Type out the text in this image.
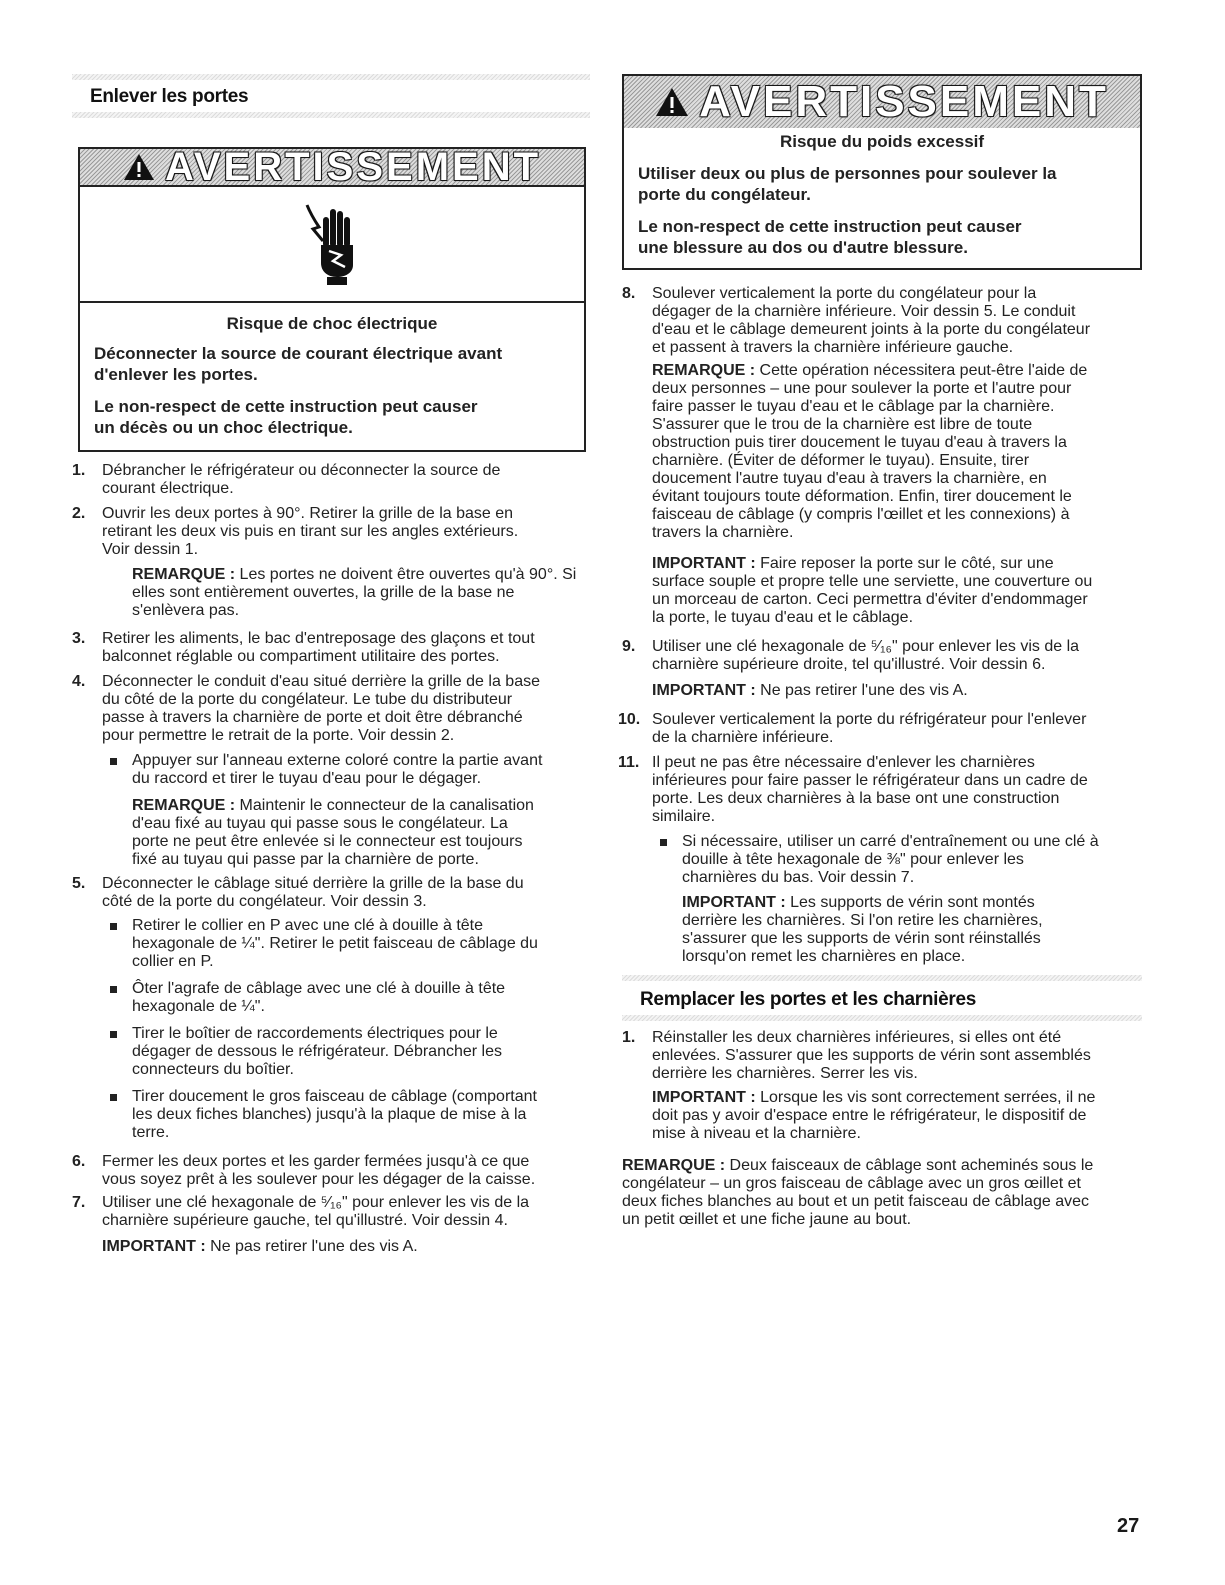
Enlever les portes
AVERTISSEMENT
Risque de choc électrique
Déconnecter la source de courant électrique avant
d'enlever les portes.
Le non-respect de cette instruction peut causer
un décès ou un choc électrique.
1. Débrancher le réfrigérateur ou déconnecter la source de
courant électrique.
2. Ouvrir les deux portes à 90°. Retirer la grille de la base en
retirant les deux vis puis en tirant sur les angles extérieurs.
Voir dessin 1.
REMARQUE : Les portes ne doivent être ouvertes qu'à 90°. Si
elles sont entièrement ouvertes, la grille de la base ne
s'enlèvera pas.
3. Retirer les aliments, le bac d'entreposage des glaçons et tout
balconnet réglable ou compartiment utilitaire des portes.
4. Déconnecter le conduit d'eau situé derrière la grille de la base
du côté de la porte du congélateur. Le tube du distributeur
passe à travers la charnière de porte et doit être débranché
pour permettre le retrait de la porte. Voir dessin 2.
Appuyer sur l'anneau externe coloré contre la partie avant
du raccord et tirer le tuyau d'eau pour le dégager.
REMARQUE : Maintenir le connecteur de la canalisation
d'eau fixé au tuyau qui passe sous le congélateur. La
porte ne peut être enlevée si le connecteur est toujours
fixé au tuyau qui passe par la charnière de porte.
5. Déconnecter le câblage situé derrière la grille de la base du
côté de la porte du congélateur. Voir dessin 3.
Retirer le collier en P avec une clé à douille à tête
hexagonale de ¼". Retirer le petit faisceau de câblage du
collier en P.
Ôter l'agrafe de câblage avec une clé à douille à tête
hexagonale de ¼".
Tirer le boîtier de raccordements électriques pour le
dégager de dessous le réfrigérateur. Débrancher les
connecteurs du boîtier.
Tirer doucement le gros faisceau de câblage (comportant
les deux fiches blanches) jusqu'à la plaque de mise à la
terre.
6. Fermer les deux portes et les garder fermées jusqu'à ce que
vous soyez prêt à les soulever pour les dégager de la caisse.
7. Utiliser une clé hexagonale de ⁵⁄₁₆" pour enlever les vis de la
charnière supérieure gauche, tel qu'illustré. Voir dessin 4.
IMPORTANT : Ne pas retirer l'une des vis A.
AVERTISSEMENT
Risque du poids excessif
Utiliser deux ou plus de personnes pour soulever la
porte du congélateur.
Le non-respect de cette instruction peut causer
une blessure au dos ou d'autre blessure.
8. Soulever verticalement la porte du congélateur pour la
dégager de la charnière inférieure. Voir dessin 5. Le conduit
d'eau et le câblage demeurent joints à la porte du congélateur
et passent à travers la charnière inférieure gauche.
REMARQUE : Cette opération nécessitera peut-être l'aide de
deux personnes – une pour soulever la porte et l'autre pour
faire passer le tuyau d'eau et le câblage par la charnière.
S'assurer que le trou de la charnière est libre de toute
obstruction puis tirer doucement le tuyau d'eau à travers la
charnière. (Éviter de déformer le tuyau). Ensuite, tirer
doucement l'autre tuyau d'eau à travers la charnière, en
évitant toujours toute déformation. Enfin, tirer doucement le
faisceau de câblage (y compris l'œillet et les connexions) à
travers la charnière.
IMPORTANT : Faire reposer la porte sur le côté, sur une
surface souple et propre telle une serviette, une couverture ou
un morceau de carton. Ceci permettra d'éviter d'endommager
la porte, le tuyau d'eau et le câblage.
9. Utiliser une clé hexagonale de ⁵⁄₁₆" pour enlever les vis de la
charnière supérieure droite, tel qu'illustré. Voir dessin 6.
IMPORTANT : Ne pas retirer l'une des vis A.
10. Soulever verticalement la porte du réfrigérateur pour l'enlever
de la charnière inférieure.
11. Il peut ne pas être nécessaire d'enlever les charnières
inférieures pour faire passer le réfrigérateur dans un cadre de
porte. Les deux charnières à la base ont une construction
similaire.
Si nécessaire, utiliser un carré d'entraînement ou une clé à
douille à tête hexagonale de ⅜" pour enlever les
charnières du bas. Voir dessin 7.
IMPORTANT : Les supports de vérin sont montés
derrière les charnières. Si l'on retire les charnières,
s'assurer que les supports de vérin sont réinstallés
lorsqu'on remet les charnières en place.
Remplacer les portes et les charnières
1. Réinstaller les deux charnières inférieures, si elles ont été
enlevées. S'assurer que les supports de vérin sont assemblés
derrière les charnières. Serrer les vis.
IMPORTANT : Lorsque les vis sont correctement serrées, il ne
doit pas y avoir d'espace entre le réfrigérateur, le dispositif de
mise à niveau et la charnière.
REMARQUE : Deux faisceaux de câblage sont acheminés sous le
congélateur – un gros faisceau de câblage avec un gros œillet et
deux fiches blanches au bout et un petit faisceau de câblage avec
un petit œillet et une fiche jaune au bout.
27
